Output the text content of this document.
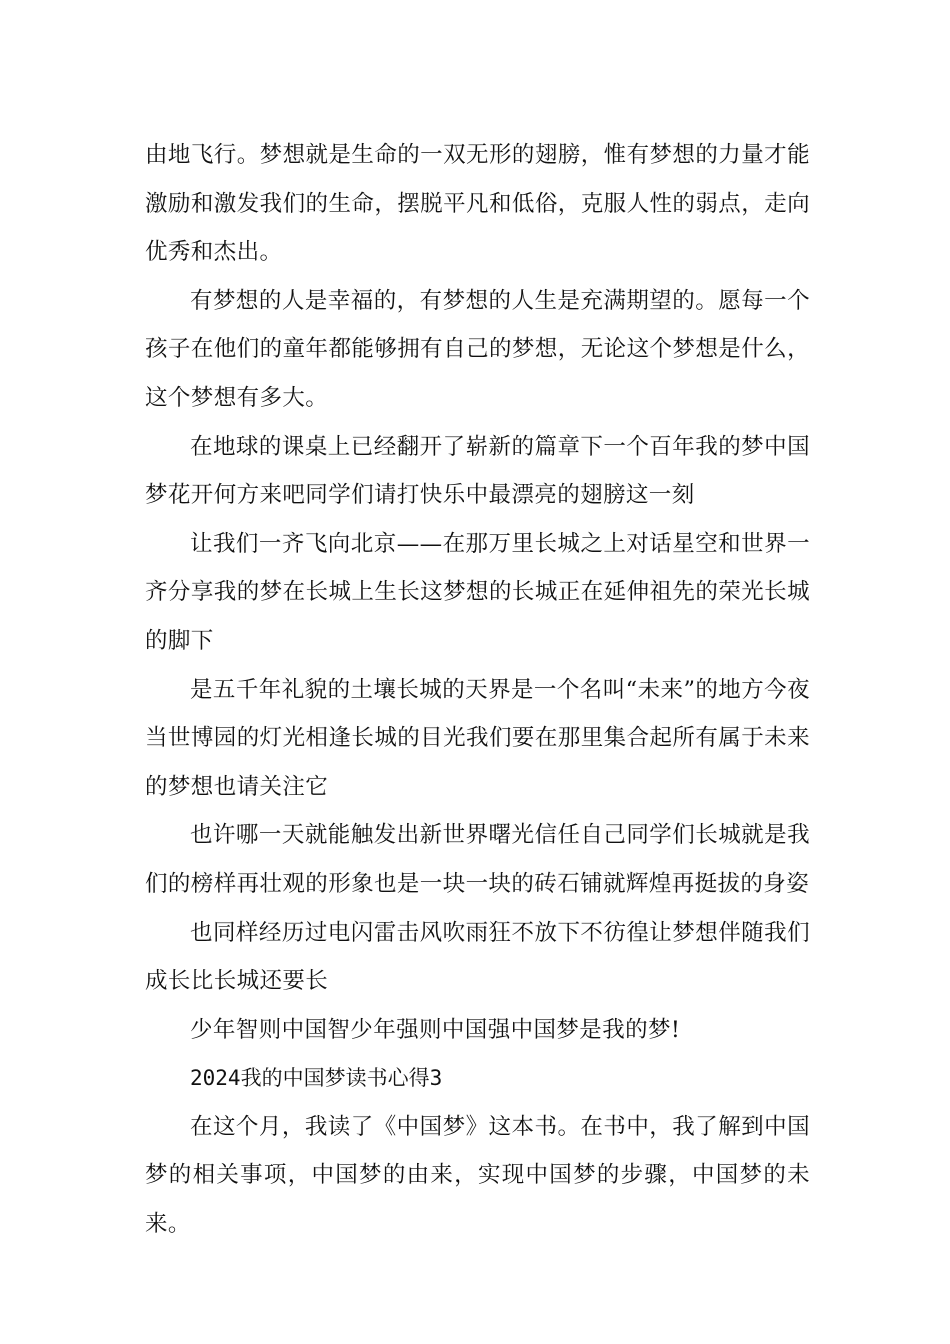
由地飞行。梦想就是生命的一双无形的翅膀，惟有梦想的力量才能激励和激发我们的生命，摆脱平凡和低俗，克服人性的弱点，走向优秀和杰出。

有梦想的人是幸福的，有梦想的人生是充满期望的。愿每一个孩子在他们的童年都能够拥有自己的梦想，无论这个梦想是什么，这个梦想有多大。

在地球的课桌上已经翻开了崭新的篇章下一个百年我的梦中国梦花开何方来吧同学们请打快乐中最漂亮的翅膀这一刻

让我们一齐飞向北京——在那万里长城之上对话星空和世界一齐分享我的梦在长城上生长这梦想的长城正在延伸祖先的荣光长城的脚下

是五千年礼貌的土壤长城的天界是一个名叫“未来”的地方今夜当世博园的灯光相逢长城的目光我们要在那里集合起所有属于未来的梦想也请关注它

也许哪一天就能触发出新世界曙光信任自己同学们长城就是我们的榜样再壮观的形象也是一块一块的砖石铺就辉煌再挺拔的身姿

也同样经历过电闪雷击风吹雨狂不放下不彷徨让梦想伴随我们成长比长城还要长

少年智则中国智少年强则中国强中国梦是我的梦!

2024我的中国梦读书心得3

在这个月，我读了《中国梦》这本书。在书中，我了解到中国梦的相关事项，中国梦的由来，实现中国梦的步骤，中国梦的未来。
